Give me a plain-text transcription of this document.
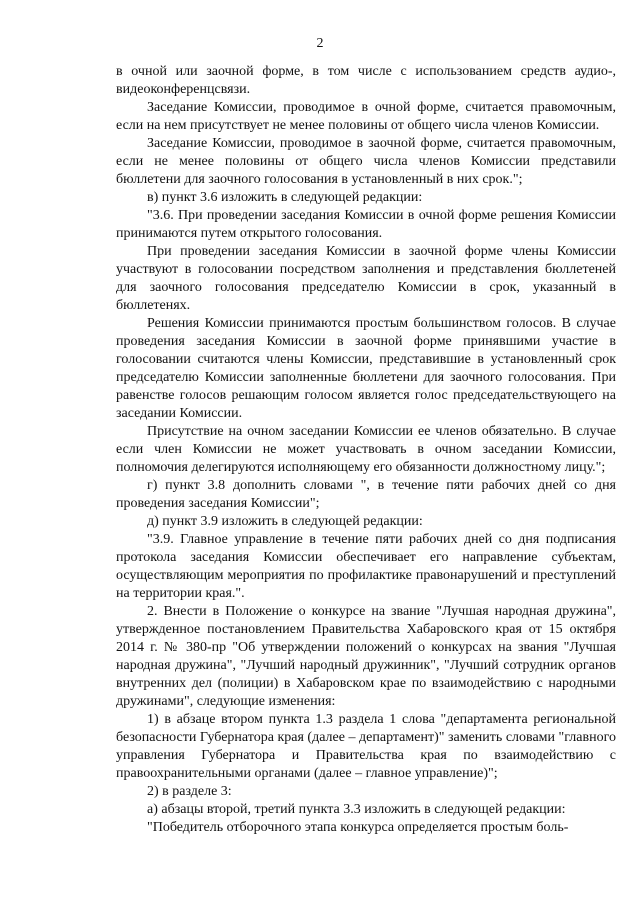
2

в очной или заочной форме, в том числе с использованием средств аудио-, видеоконференцсвязи.

Заседание Комиссии, проводимое в очной форме, считается правомочным, если на нем присутствует не менее половины от общего числа членов Комиссии.

Заседание Комиссии, проводимое в заочной форме, считается правомочным, если не менее половины от общего числа членов Комиссии представили бюллетени для заочного голосования в установленный в них срок.";

в) пункт 3.6 изложить в следующей редакции:

"3.6. При проведении заседания Комиссии в очной форме решения Комиссии принимаются путем открытого голосования.

При проведении заседания Комиссии в заочной форме члены Комиссии участвуют в голосовании посредством заполнения и представления бюллетеней для заочного голосования председателю Комиссии в срок, указанный в бюллетенях.

Решения Комиссии принимаются простым большинством голосов. В случае проведения заседания Комиссии в заочной форме принявшими участие в голосовании считаются члены Комиссии, представившие в установленный срок председателю Комиссии заполненные бюллетени для заочного голосования. При равенстве голосов решающим голосом является голос председательствующего на заседании Комиссии.

Присутствие на очном заседании Комиссии ее членов обязательно. В случае если член Комиссии не может участвовать в очном заседании Комиссии, полномочия делегируются исполняющему его обязанности должностному лицу.";

г) пункт 3.8 дополнить словами ", в течение пяти рабочих дней со дня проведения заседания Комиссии";

д) пункт 3.9 изложить в следующей редакции:

"3.9. Главное управление в течение пяти рабочих дней со дня подписания протокола заседания Комиссии обеспечивает его направление субъектам, осуществляющим мероприятия по профилактике правонарушений и преступлений на территории края.".

2. Внести в Положение о конкурсе на звание "Лучшая народная дружина", утвержденное постановлением Правительства Хабаровского края от 15 октября 2014 г. № 380-пр "Об утверждении положений о конкурсах на звания "Лучшая народная дружина", "Лучший народный дружинник", "Лучший сотрудник органов внутренних дел (полиции) в Хабаровском крае по взаимодействию с народными дружинами", следующие изменения:

1) в абзаце втором пункта 1.3 раздела 1 слова "департамента региональной безопасности Губернатора края (далее – департамент)" заменить словами "главного управления Губернатора и Правительства края по взаимодействию с правоохранительными органами (далее – главное управление)";

2) в разделе 3:

а) абзацы второй, третий пункта 3.3 изложить в следующей редакции:

"Победитель отборочного этапа конкурса определяется простым боль-
